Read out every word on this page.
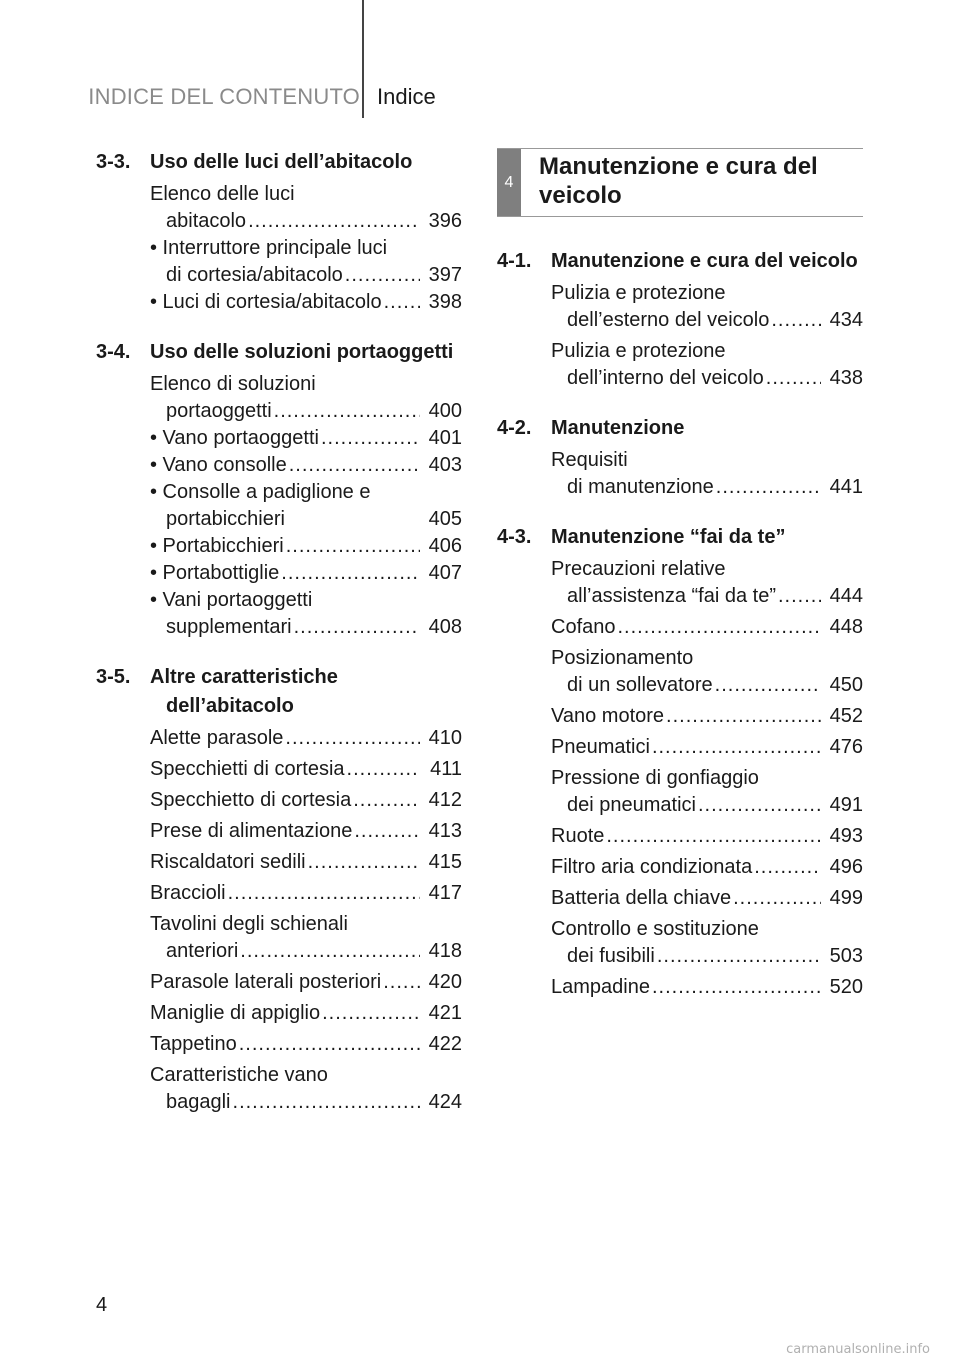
INDICE DEL CONTENUTO Indice
3-3. Uso delle luci dell’abitacolo
Elenco delle luci
abitacolo .....	396
• Interruttore principale luci
di cortesia/abitacolo .....	397
• Luci di cortesia/abitacolo ..... 398
3-4. Uso delle soluzioni portaoggetti
Elenco di soluzioni
portaoggetti .....	400
• Vano portaoggetti .....	401
• Vano consolle .....	403
• Consolle a padiglione e
portabicchieri	405
• Portabicchieri .....	406
• Portabottiglie .....	407
• Vani portaoggetti
supplementari .....	408
3-5. Altre caratteristiche dell’abitacolo
Alette parasole .....	410
Specchietti di cortesia .....	411
Specchietto di cortesia .....	412
Prese di alimentazione .....	413
Riscaldatori sedili .....	415
Braccioli .....	417
Tavolini degli schienali
anteriori .....	418
Parasole laterali posteriori ..... 420
Maniglie di appiglio .....	421
Tappetino .....	422
Caratteristiche vano
bagagli .....	424
4
Manutenzione e cura del veicolo
4-1. Manutenzione e cura del veicolo
Pulizia e protezione
dell’esterno del veicolo .....	434
Pulizia e protezione
dell’interno del veicolo .....	438
4-2. Manutenzione
Requisiti
di manutenzione .....	441
4-3. Manutenzione “fai da te”
Precauzioni relative
all’assistenza “fai da te” .....	444
Cofano .....	448
Posizionamento
di un sollevatore .....	450
Vano motore .....	452
Pneumatici .....	476
Pressione di gonfiaggio
dei pneumatici .....	491
Ruote .....	493
Filtro aria condizionata .....	496
Batteria della chiave .....	499
Controllo e sostituzione
dei fusibili .....	503
Lampadine .....	520
4
carmanualsonline.info
